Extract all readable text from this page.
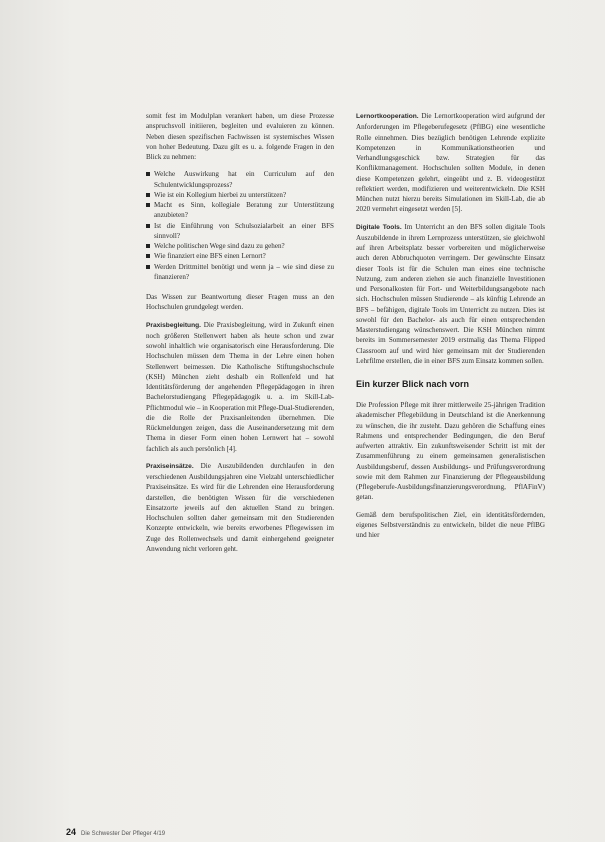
somit fest im Modulplan verankert haben, um diese Prozesse anspruchsvoll initiieren, begleiten und evaluieren zu können. Neben diesen spezifischen Fachwissen ist systemisches Wissen von hoher Bedeutung. Dazu gilt es u. a. folgende Fragen in den Blick zu nehmen:

Welche Auswirkung hat ein Curriculum auf den Schulentwicklungsprozess?
Wie ist ein Kollegium hierbei zu unterstützen?
Macht es Sinn, kollegiale Beratung zur Unterstützung anzubieten?
Ist die Einführung von Schulsozialarbeit an einer BFS sinnvoll?
Welche politischen Wege sind dazu zu gehen?
Wie finanziert eine BFS einen Lernort?
Werden Drittmittel benötigt und wenn ja – wie sind diese zu finanzieren?

Das Wissen zur Beantwortung dieser Fragen muss an den Hochschulen grundgelegt werden.

Praxisbegleitung. Die Praxisbegleitung, wird in Zukunft einen noch größeren Stellenwert haben als heute schon und zwar sowohl inhaltlich wie organisatorisch eine Herausforderung. Die Hochschulen müssen dem Thema in der Lehre einen hohen Stellenwert beimessen. Die Katholische Stiftungshochschule (KSH) München zieht deshalb ein Rollenfeld und hat Identitätsförderung der angehenden Pflegepädagogen in ihren Bachelorstudiengang Pflegepädagogik u. a. im Skill-Lab-Pflichtmodul wie – in Kooperation mit Pflege-Dual-Studierenden, die die Rolle der Praxisanleitenden übernehmen. Die Rückmeldungen zeigen, dass die Auseinandersetzung mit dem Thema in dieser Form einen hohen Lernwert hat – sowohl fachlich als auch persönlich [4].

Praxiseinsätze. Die Auszubildenden durchlaufen in den verschiedenen Ausbildungsjahren eine Vielzahl unterschiedlicher Praxiseinsätze. Es wird für die Lehrenden eine Herausforderung darstellen, die benötigten Wissen für die verschiedenen Einsatzorte jeweils auf den aktuellen Stand zu bringen. Hochschulen sollten daher gemeinsam mit den Studierenden Konzepte entwickeln, wie bereits erworbenes Pflegewissen im Zuge des Rollenwechsels und damit einhergehend geeigneter Anwendung nicht verloren geht.

Lernortkooperation. Die Lernortkooperation wird aufgrund der Anforderungen im Pflegeberufegesetz (PflBG) eine wesentliche Rolle einnehmen. Dies bezüglich benötigen Lehrende explizite Kompetenzen in Kommunikationstheorien und Verhandlungsgeschick bzw. Strategien für das Konfliktmanagement. Hochschulen sollten Module, in denen diese Kompetenzen gelehrt, eingeübt und z. B. videogestützt reflektiert werden, modifizieren und weiterentwickeln. Die KSH München nutzt hierzu bereits Simulationen im Skill-Lab, die ab 2020 vermehrt eingesetzt werden [5].

Digitale Tools. Im Unterricht an den BFS sollen digitale Tools Auszubildende in ihrem Lernprozess unterstützen, sie gleichwohl auf ihren Arbeitsplatz besser vorbereiten und möglicherweise auch deren Abbruchquoten verringern. Der gewünschte Einsatz dieser Tools ist für die Schulen man eines eine technische Nutzung, zum anderen ziehen sie auch finanzielle Investitionen und Personalkosten für Fort- und Weiterbildungsangebote nach sich. Hochschulen müssen Studierende – als künftig Lehrende an BFS – befähigen, digitale Tools im Unterricht zu nutzen. Dies ist sowohl für den Bachelor- als auch für einen entsprechenden Masterstudiengang wünschenswert. Die KSH München nimmt bereits im Sommersemester 2019 erstmalig das Thema Flipped Classroom auf und wird hier gemeinsam mit der Studierenden Lehrfilme erstellen, die in einer BFS zum Einsatz kommen sollen.

Ein kurzer Blick nach vorn

Die Profession Pflege mit ihrer mittlerweile 25-jährigen Tradition akademischer Pflegebildung in Deutschland ist die Anerkennung zu wünschen, die ihr zusteht. Dazu gehören die Schaffung eines Rahmens und entsprechender Bedingungen, die den Beruf aufwerten attraktiv. Ein zukunftsweisender Schritt ist mit der Zusammenführung zu einem gemeinsamen generalistischen Ausbildungsberuf, dessen Ausbildungs- und Prüfungsverordnung sowie mit dem Rahmen zur Finanzierung der Pflegeausbildung (Pflegeberufe-Ausbildungsfinanzierungsverordnung, PflAFinV) getan.

Gemäß dem berufspolitischen Ziel, ein identitätsfördernden, eigenes Selbstverständnis zu entwickeln, bildet die neue PflBG und hier

24 Die Schwester Der Pfleger 4/19
